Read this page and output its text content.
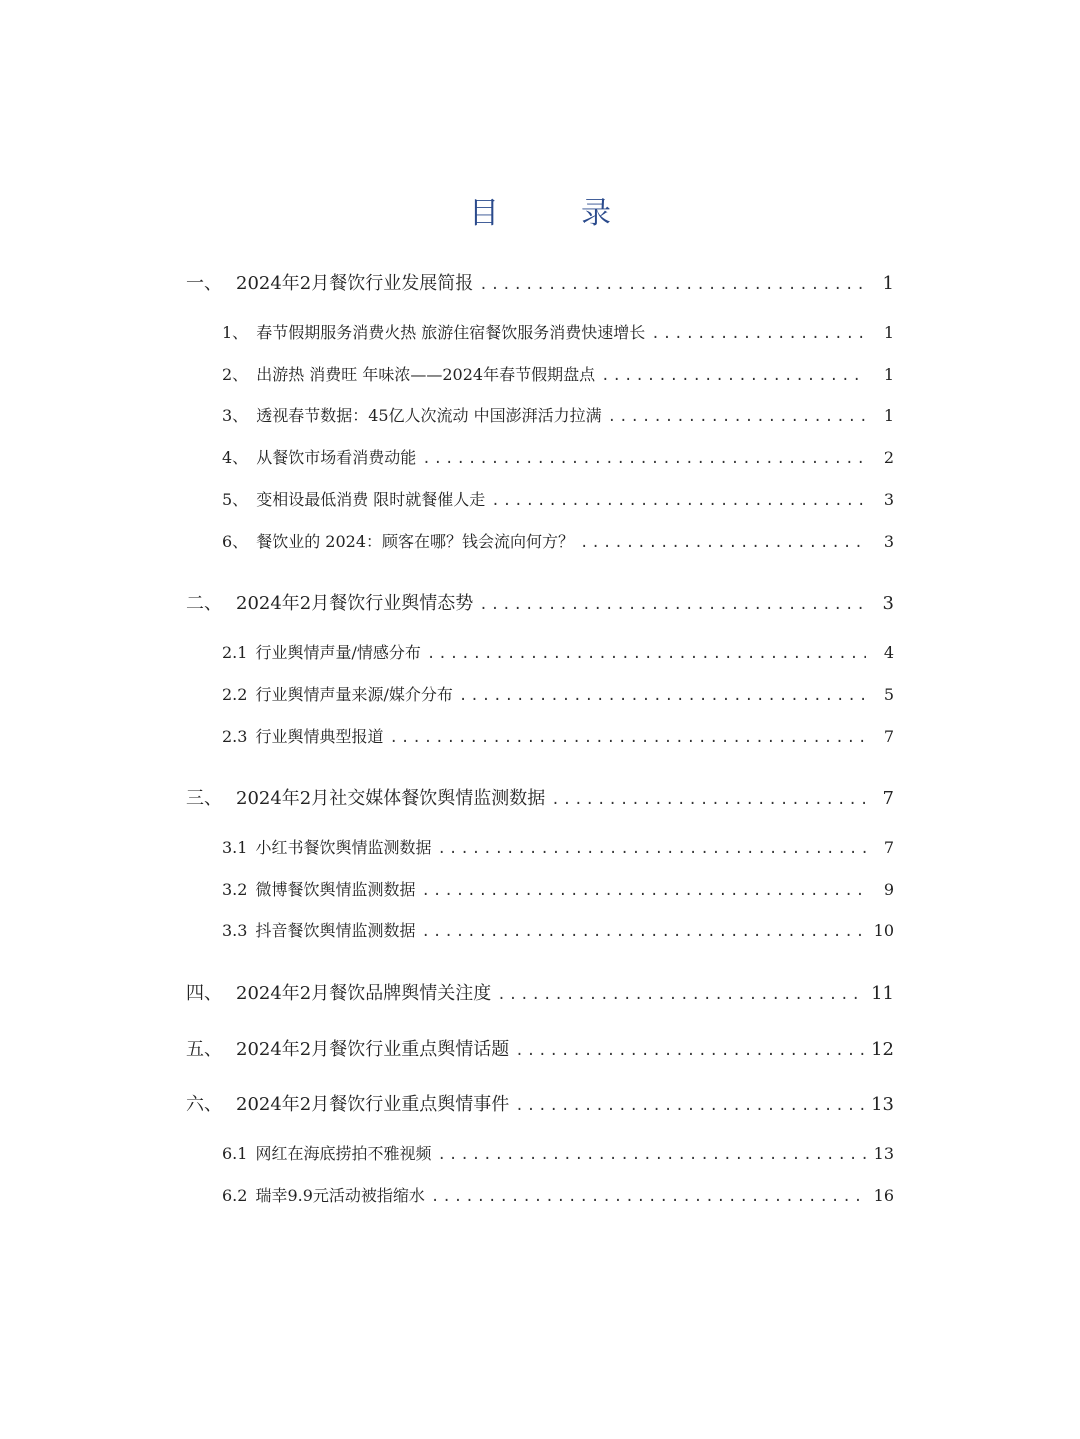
目　录
一、 2024年2月餐饮行业发展简报 .....	1
1、 春节假期服务消费火热 旅游住宿餐饮服务消费快速增长 .....	1
2、 出游热 消费旺 年味浓——2024年春节假期盘点 .....	1
3、 透视春节数据：45亿人次流动 中国澎湃活力拉满 .....	1
4、 从餐饮市场看消费动能 .....	2
5、 变相设最低消费 限时就餐催人走 .....	3
6、 餐饮业的 2024：顾客在哪？钱会流向何方？ .....	3
二、 2024年2月餐饮行业舆情态势 .....	3
2.1 行业舆情声量/情感分布 .....	4
2.2 行业舆情声量来源/媒介分布 .....	5
2.3 行业舆情典型报道 .....	7
三、 2024年2月社交媒体餐饮舆情监测数据 .....	7
3.1 小红书餐饮舆情监测数据 .....	7
3.2 微博餐饮舆情监测数据 .....	9
3.3 抖音餐饮舆情监测数据 .....	10
四、 2024年2月餐饮品牌舆情关注度 .....	11
五、 2024年2月餐饮行业重点舆情话题 .....	12
六、 2024年2月餐饮行业重点舆情事件 .....	13
6.1 网红在海底捞拍不雅视频 .....	13
6.2 瑞幸9.9元活动被指缩水 .....	16
